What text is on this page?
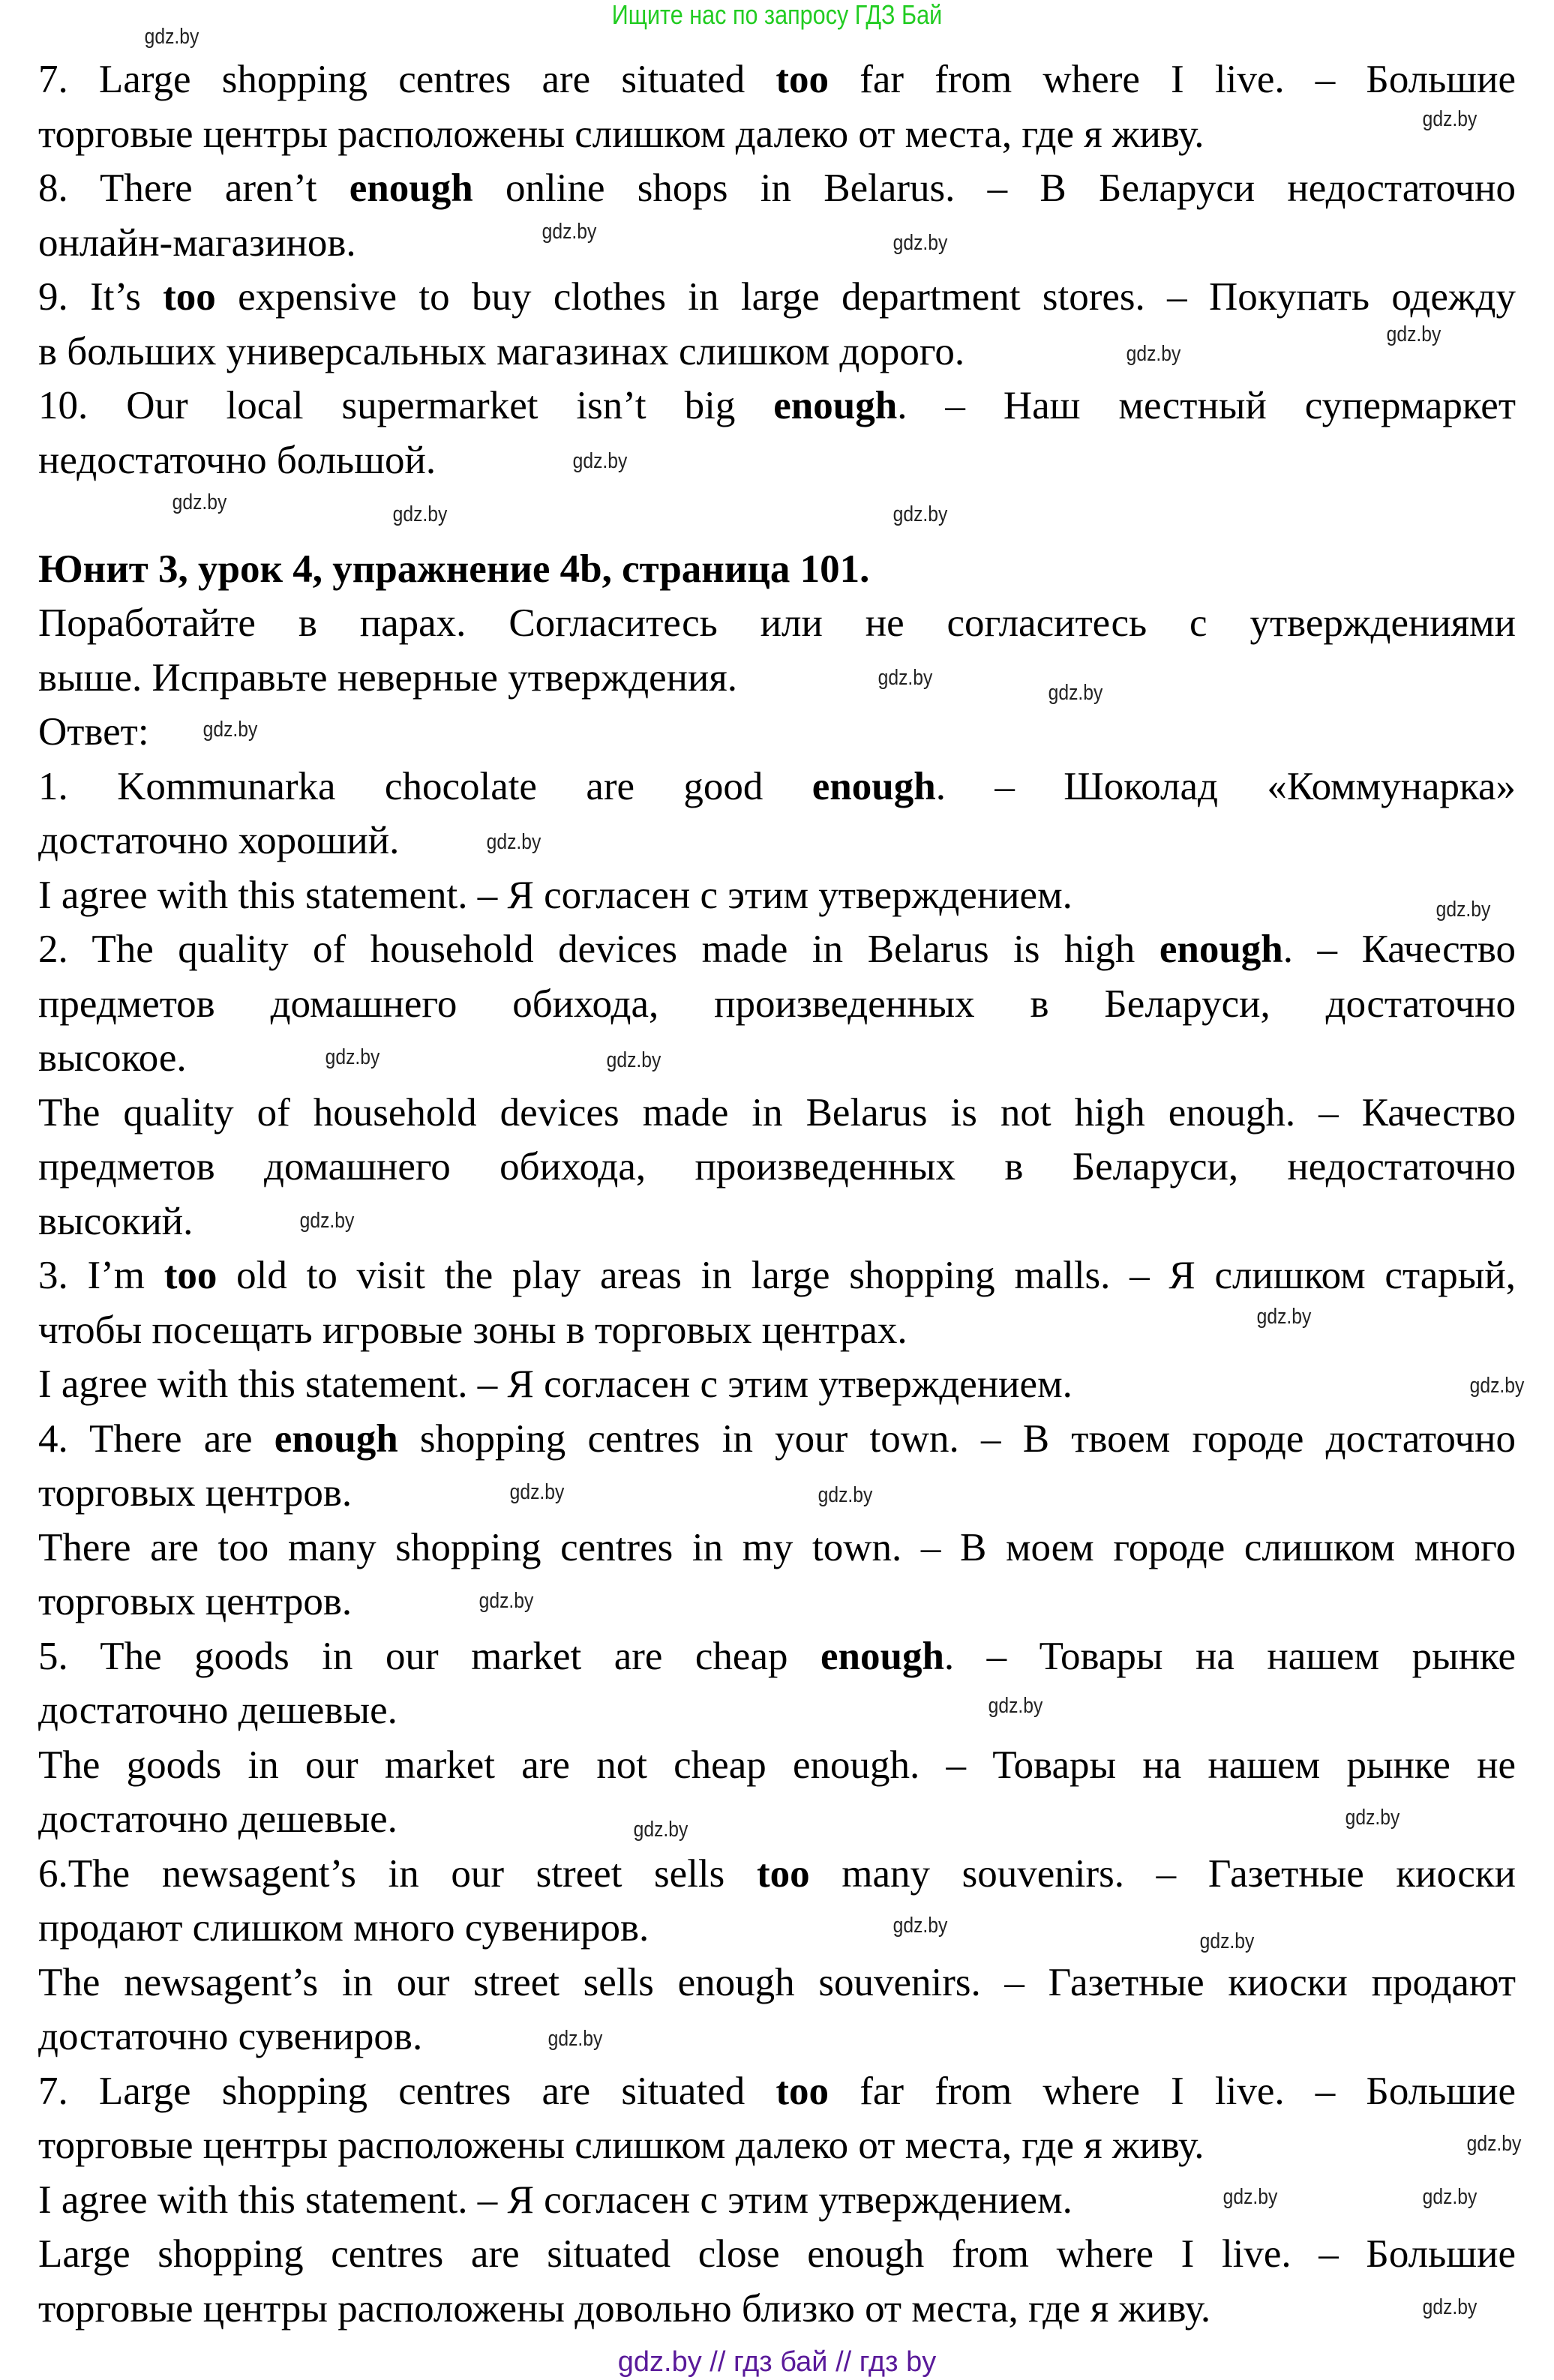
Ищите нас по запросу ГДЗ Бай
7. Large shopping centres are situated too far from where I live. – Большие
торговые центры расположены слишком далеко от места, где я живу.
8. There aren’t enough online shops in Belarus. – В Беларуси недостаточно
онлайн-магазинов.
9. It’s too expensive to buy clothes in large department stores. – Покупать одежду
в больших универсальных магазинах слишком дорого.
10. Our local supermarket isn’t big enough. – Наш местный супермаркет
недостаточно большой.
Юнит 3, урок 4, упражнение 4b, страница 101.
Поработайте в парах. Согласитесь или не согласитесь с утверждениями
выше. Исправьте неверные утверждения.
Ответ:
1. Kommunarka chocolate are good enough. – Шоколад «Коммунарка»
достаточно хороший.
I agree with this statement. – Я согласен с этим утверждением.
2. The quality of household devices made in Belarus is high enough. – Качество
предметов домашнего обихода, произведенных в Беларуси, достаточно
высокое.
The quality of household devices made in Belarus is not high enough. – Качество
предметов домашнего обихода, произведенных в Беларуси, недостаточно
высокий.
3. I’m too old to visit the play areas in large shopping malls. – Я слишком старый,
чтобы посещать игровые зоны в торговых центрах.
I agree with this statement. – Я согласен с этим утверждением.
4. There are enough shopping centres in your town. – В твоем городе достаточно
торговых центров.
There are too many shopping centres in my town. – В моем городе слишком много
торговых центров.
5. The goods in our market are cheap enough. – Товары на нашем рынке
достаточно дешевые.
The goods in our market are not cheap enough. – Товары на нашем рынке не
достаточно дешевые.
6.The newsagent’s in our street sells too many souvenirs. – Газетные киоски
продают слишком много сувениров.
The newsagent’s in our street sells enough souvenirs. – Газетные киоски продают
достаточно сувениров.
7. Large shopping centres are situated too far from where I live. – Большие
торговые центры расположены слишком далеко от места, где я живу.
I agree with this statement. – Я согласен с этим утверждением.
Large shopping centres are situated close enough from where I live. – Большие
торговые центры расположены довольно близко от места, где я живу.
gdz.by
gdz.by
gdz.by
gdz.by
gdz.by
gdz.by
gdz.by
gdz.by
gdz.by
gdz.by
gdz.by
gdz.by
gdz.by
gdz.by
gdz.by
gdz.by
gdz.by
gdz.by
gdz.by
gdz.by	gdz.by
gdz.by
gdz.by
gdz.by
gdz.by
gdz.by
gdz.by
gdz.by
gdz.by
gdz.by	gdz.by
gdz.by
gdz.by
gdz.by // гдз бай // гдз by
